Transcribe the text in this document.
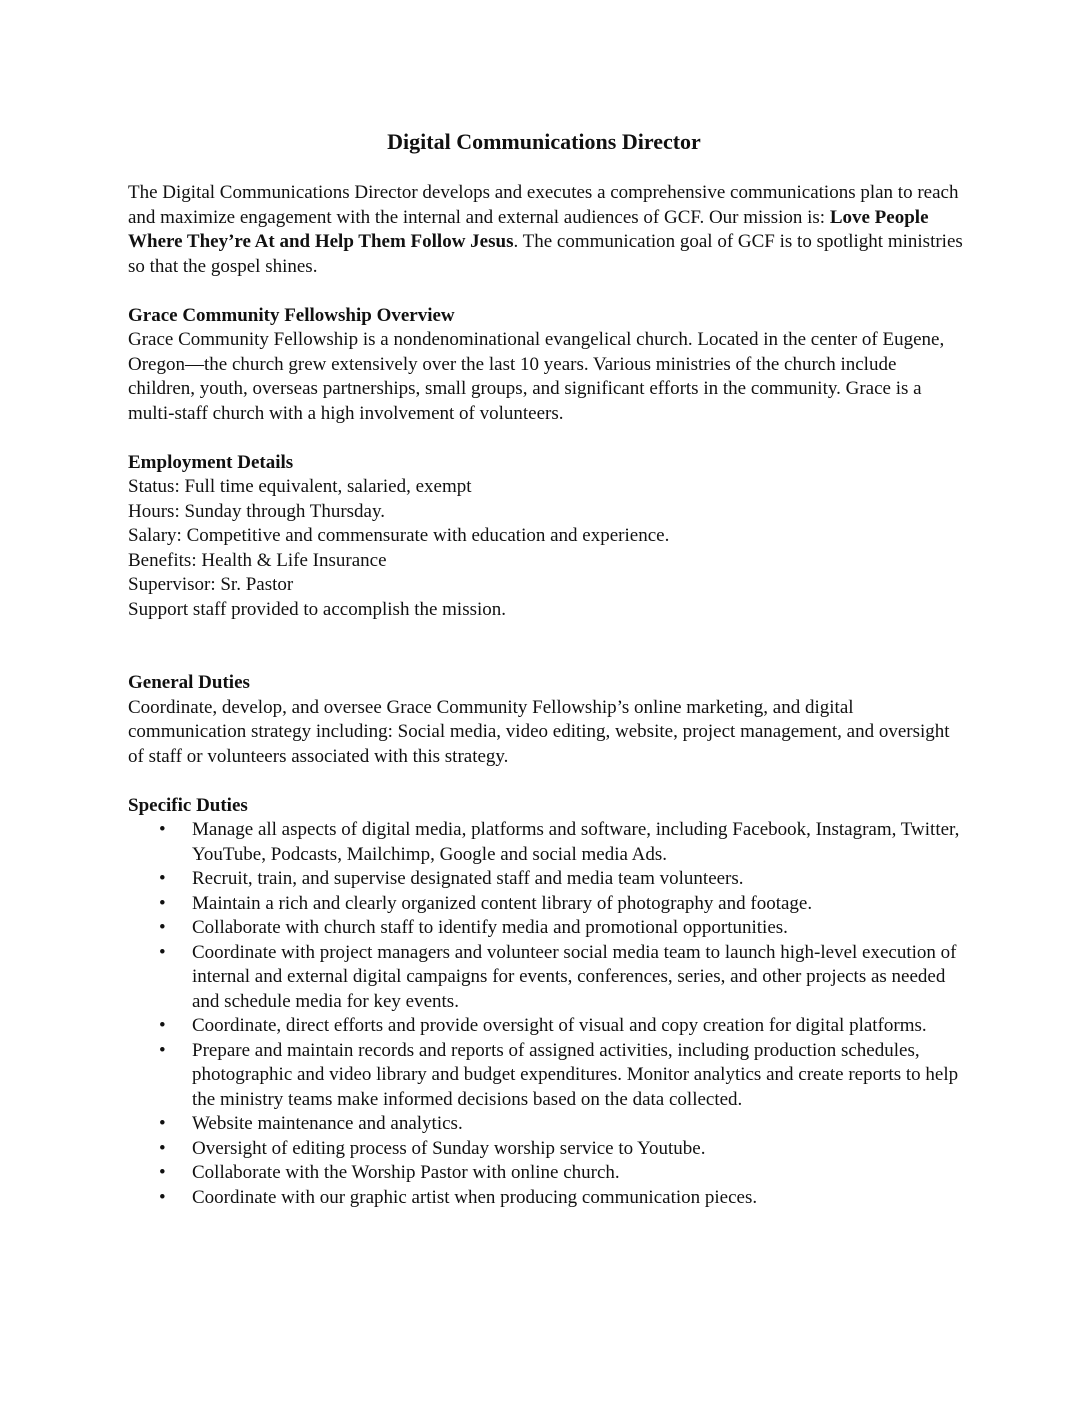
Digital Communications Director

The Digital Communications Director develops and executes a comprehensive communications plan to reach and maximize engagement with the internal and external audiences of GCF. Our mission is: Love People Where They’re At and Help Them Follow Jesus. The communication goal of GCF is to spotlight ministries so that the gospel shines.

Grace Community Fellowship Overview

Grace Community Fellowship is a nondenominational evangelical church. Located in the center of Eugene, Oregon—the church grew extensively over the last 10 years. Various ministries of the church include children, youth, overseas partnerships, small groups, and significant efforts in the community. Grace is a multi-staff church with a high involvement of volunteers.

Employment Details

Status: Full time equivalent, salaried, exempt

Hours: Sunday through Thursday.

Salary: Competitive and commensurate with education and experience.

Benefits: Health & Life Insurance

Supervisor: Sr. Pastor

Support staff provided to accomplish the mission.

General Duties

Coordinate, develop, and oversee Grace Community Fellowship’s online marketing, and digital communication strategy including: Social media, video editing, website, project management, and oversight of staff or volunteers associated with this strategy.

Specific Duties
• Manage all aspects of digital media, platforms and software, including Facebook, Instagram, Twitter, YouTube, Podcasts, Mailchimp, Google and social media Ads.
• Recruit, train, and supervise designated staff and media team volunteers.
• Maintain a rich and clearly organized content library of photography and footage.
• Collaborate with church staff to identify media and promotional opportunities.
• Coordinate with project managers and volunteer social media team to launch high-level execution of internal and external digital campaigns for events, conferences, series, and other projects as needed and schedule media for key events.
• Coordinate, direct efforts and provide oversight of visual and copy creation for digital platforms.
• Prepare and maintain records and reports of assigned activities, including production schedules, photographic and video library and budget expenditures. Monitor analytics and create reports to help the ministry teams make informed decisions based on the data collected.
• Website maintenance and analytics.
• Oversight of editing process of Sunday worship service to Youtube.
• Collaborate with the Worship Pastor with online church.
• Coordinate with our graphic artist when producing communication pieces.
